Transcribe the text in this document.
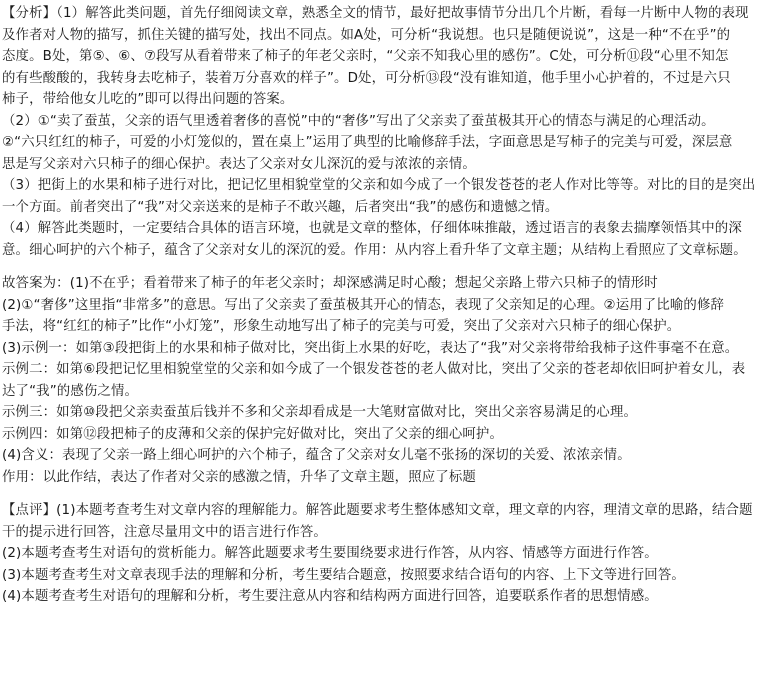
【分析】（1）解答此类问题，首先仔细阅读文章，熟悉全文的情节，最好把故事情节分出几个片断，看每一片断中人物的表现
及作者对人物的描写，抓住关键的描写处，找出不同点。如A处，可分析“我说想。也只是随便说说”，这是一种“不在乎”的
态度。B处，第⑤、⑥、⑦段写从看着带来了柿子的年老父亲时，“父亲不知我心里的感伤”。C处，可分析⑪段“心里不知怎
的有些酸酸的，我转身去吃柿子，装着万分喜欢的样子”。D处，可分析⑬段“没有谁知道，他手里小心护着的，不过是六只
柿子，带给他女儿吃的”即可以得出问题的答案。
（2）①“卖了蚕茧，父亲的语气里透着奢侈的喜悦”中的“奢侈”写出了父亲卖了蚕茧极其开心的情态与满足的心理活动。
②“六只红红的柿子，可爱的小灯笼似的，置在桌上”运用了典型的比喻修辞手法，字面意思是写柿子的完美与可爱，深层意
思是写父亲对六只柿子的细心保护。表达了父亲对女儿深沉的爱与浓浓的亲情。
（3）把街上的水果和柿子进行对比，把记忆里相貌堂堂的父亲和如今成了一个银发苍苍的老人作对比等等。对比的目的是突出
一个方面。前者突出了“我”对父亲送来的是柿子不敢兴趣，后者突出“我”的感伤和遗憾之情。
（4）解答此类题时，一定要结合具体的语言环境，也就是文章的整体，仔细体味推敲，透过语言的表象去揣摩领悟其中的深
意。细心呵护的六个柿子，蕴含了父亲对女儿的深沉的爱。作用：从内容上看升华了文章主题；从结构上看照应了文章标题。
故答案为：(1)不在乎；看着带来了柿子的年老父亲时；却深感满足时心酸；想起父亲路上带六只柿子的情形时
(2)①“奢侈”这里指“非常多”的意思。写出了父亲卖了蚕茧极其开心的情态，表现了父亲知足的心理。②运用了比喻的修辞
手法，将“红红的柿子”比作“小灯笼”，形象生动地写出了柿子的完美与可爱，突出了父亲对六只柿子的细心保护。
(3)示例一：如第③段把街上的水果和柿子做对比，突出街上水果的好吃，表达了“我”对父亲将带给我柿子这件事毫不在意。
示例二：如第⑥段把记忆里相貌堂堂的父亲和如今成了一个银发苍苍的老人做对比，突出了父亲的苍老却依旧呵护着女儿，表
达了“我”的感伤之情。
示例三：如第⑩段把父亲卖蚕茧后钱并不多和父亲却看成是一大笔财富做对比，突出父亲容易满足的心理。
示例四：如第⑫段把柿子的皮薄和父亲的保护完好做对比，突出了父亲的细心呵护。
(4)含义：表现了父亲一路上细心呵护的六个柿子，蕴含了父亲对女儿毫不张扬的深切的关爱、浓浓亲情。
作用：以此作结，表达了作者对父亲的感激之情，升华了文章主题，照应了标题
【点评】(1)本题考查考生对文章内容的理解能力。解答此题要求考生整体感知文章，理文章的内容，理清文章的思路，结合题
干的提示进行回答，注意尽量用文中的语言进行作答。
(2)本题考查考生对语句的赏析能力。解答此题要求考生要围绕要求进行作答，从内容、情感等方面进行作答。
(3)本题考查考生对文章表现手法的理解和分析，考生要结合题意，按照要求结合语句的内容、上下文等进行回答。
(4)本题考查考生对语句的理解和分析，考生要注意从内容和结构两方面进行回答，追要联系作者的思想情感。
